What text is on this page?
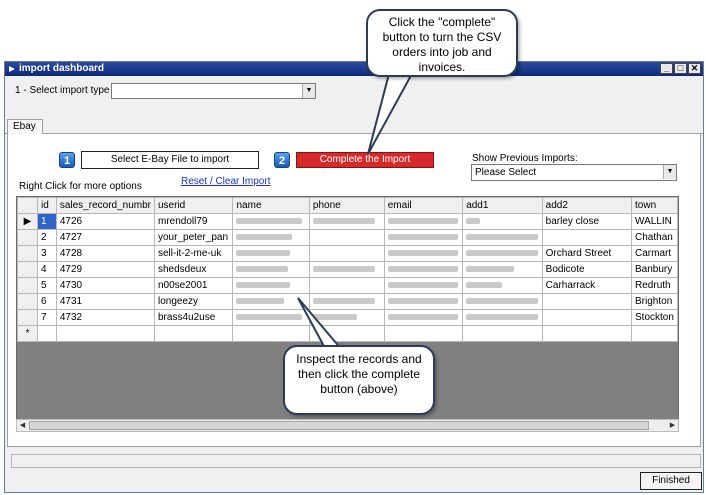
import dashboard	_ □ ✕
1 - Select import type	▼
Ebay
1	Select E-Bay File to import	2	Complete the Import	Show Previous Imports:
Please Select	▼
Right Click for more options	Reset / Clear Import
	id	sales_record_numbr	userid	name	phone	email	add1	add2	town
▶	1	4726	mrendoll79					barley close	WALLIN
	2	4727	your_peter_pan						Chathan
	3	4728	sell-it-2-me-uk					Orchard Street	Carmart
	4	4729	shedsdeux					Bodicote	Banbury
	5	4730	n00se2001					Carharrack	Redruth
	6	4731	longeezy						Brighton
	7	4732	brass4u2use						Stockton
*									
◀	▶
Finished
Click the "complete" button to turn the CSV orders into job and invoices.
Inspect the records and then click the complete button (above)
